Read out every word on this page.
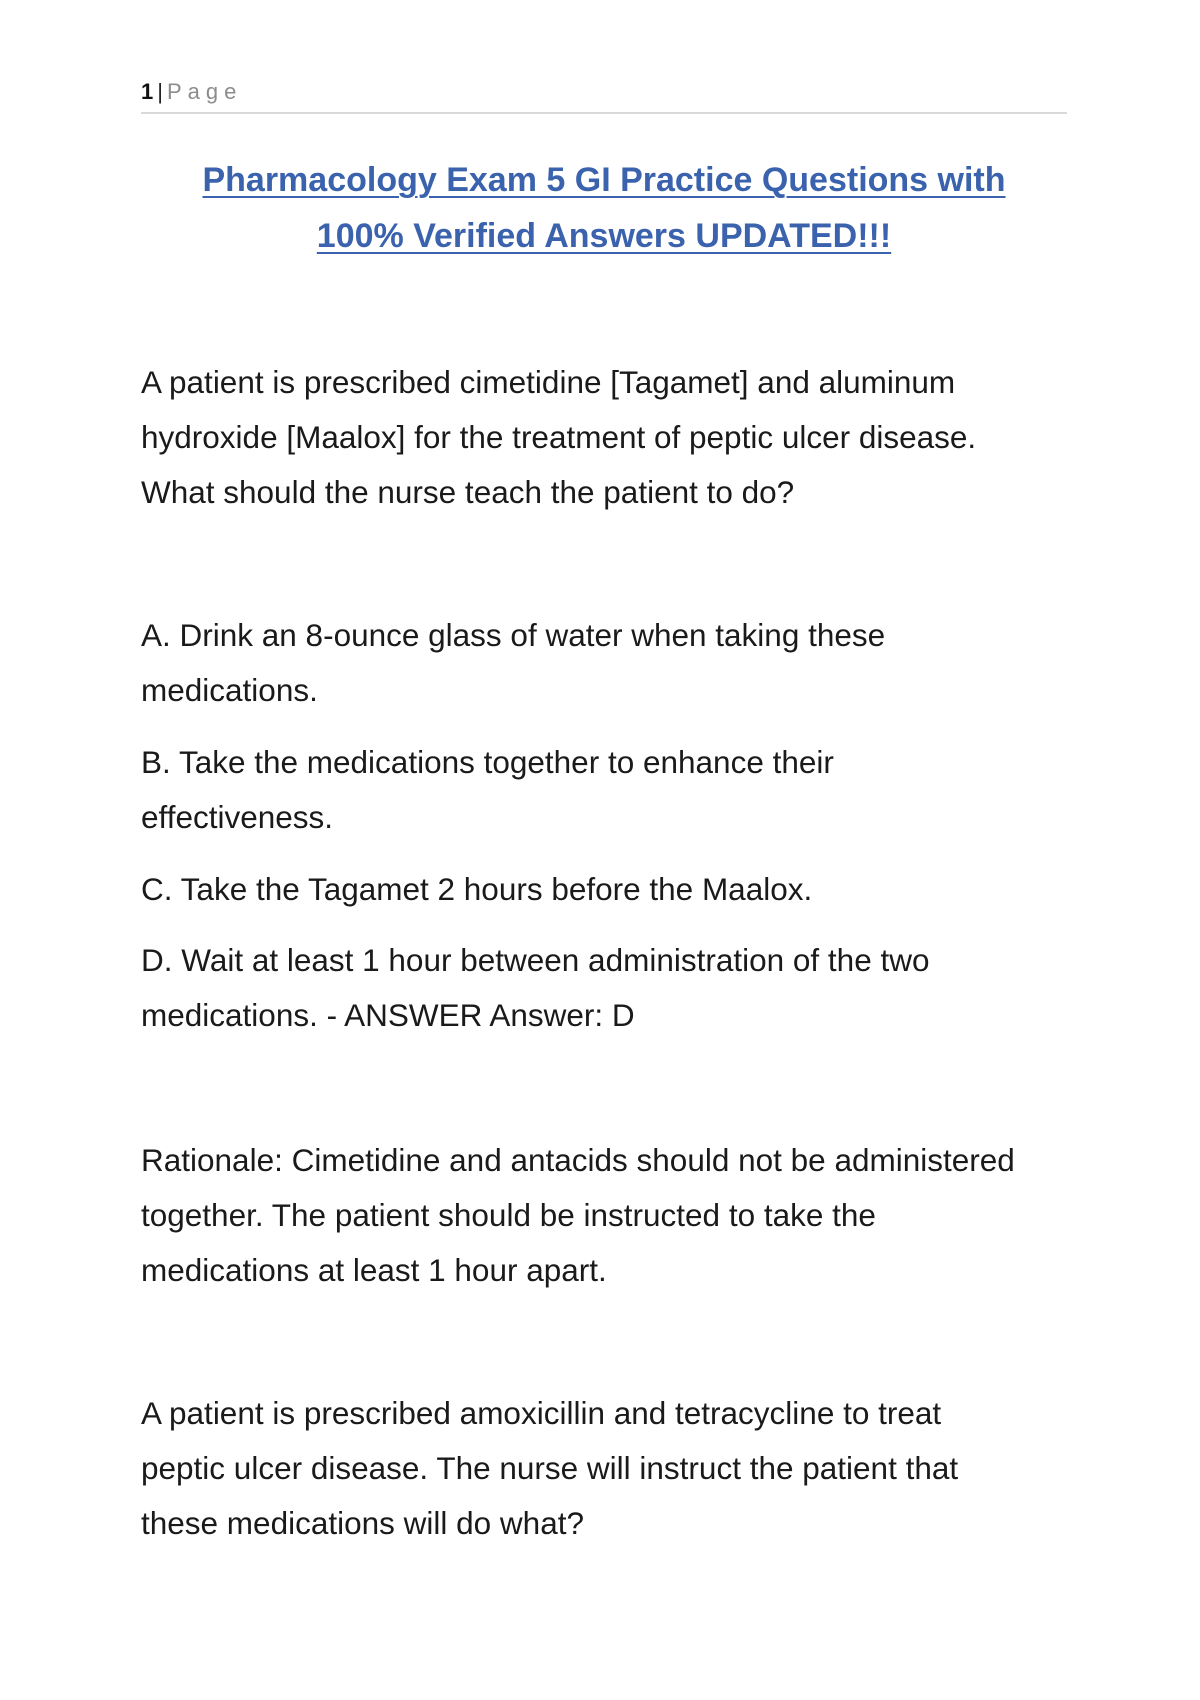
1 | Page
Pharmacology Exam 5 GI Practice Questions with
100% Verified Answers UPDATED!!!

A patient is prescribed cimetidine [Tagamet] and aluminum
hydroxide [Maalox] for the treatment of peptic ulcer disease.
What should the nurse teach the patient to do?

A. Drink an 8-ounce glass of water when taking these
medications.

B. Take the medications together to enhance their
effectiveness.

C. Take the Tagamet 2 hours before the Maalox.

D. Wait at least 1 hour between administration of the two
medications. - ANSWER Answer: D

Rationale: Cimetidine and antacids should not be administered
together. The patient should be instructed to take the
medications at least 1 hour apart.

A patient is prescribed amoxicillin and tetracycline to treat
peptic ulcer disease. The nurse will instruct the patient that
these medications will do what?
